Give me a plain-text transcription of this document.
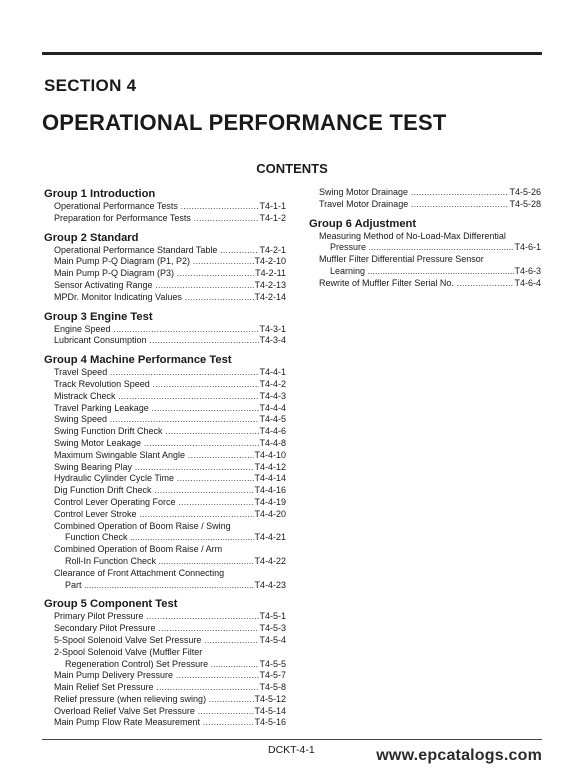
SECTION 4
OPERATIONAL PERFORMANCE TEST
CONTENTS
Group 1 Introduction
Operational Performance Tests .....	T4-1-1
Preparation for Performance Tests .....	T4-1-2
Group 2 Standard
Operational Performance Standard Table .....	T4-2-1
Main Pump P-Q Diagram (P1, P2) .....	T4-2-10
Main Pump P-Q Diagram (P3) .....	T4-2-11
Sensor Activating Range .....	T4-2-13
MPDr. Monitor Indicating Values .....	T4-2-14
Group 3 Engine Test
Engine Speed .....	T4-3-1
Lubricant Consumption .....	T4-3-4
Group 4 Machine Performance Test
Travel Speed .....	T4-4-1
Track Revolution Speed .....	T4-4-2
Mistrack Check .....	T4-4-3
Travel Parking Leakage .....	T4-4-4
Swing Speed .....	T4-4-5
Swing Function Drift Check .....	T4-4-6
Swing Motor Leakage .....	T4-4-8
Maximum Swingable Slant Angle .....	T4-4-10
Swing Bearing Play .....	T4-4-12
Hydraulic Cylinder Cycle Time .....	T4-4-14
Dig Function Drift Check .....	T4-4-16
Control Lever Operating Force .....	T4-4-19
Control Lever Stroke .....	T4-4-20
Combined Operation of Boom Raise / Swing
Function Check .....	T4-4-21
Combined Operation of Boom Raise / Arm
Roll-In Function Check .....	T4-4-22
Clearance of Front Attachment Connecting
Part .....	T4-4-23
Group 5 Component Test
Primary Pilot Pressure .....	T4-5-1
Secondary Pilot Pressure .....	T4-5-3
5-Spool Solenoid Valve Set Pressure .....	T4-5-4
2-Spool Solenoid Valve (Muffler Filter
Regeneration Control) Set Pressure .....	T4-5-5
Main Pump Delivery Pressure .....	T4-5-7
Main Relief Set Pressure .....	T4-5-8
Relief pressure (when relieving swing) .....	T4-5-12
Overload Relief Valve Set Pressure .....	T4-5-14
Main Pump Flow Rate Measurement .....	T4-5-16
Swing Motor Drainage .....	T4-5-26
Travel Motor Drainage .....	T4-5-28
Group 6 Adjustment
Measuring Method of No-Load-Max Differential
Pressure .....	T4-6-1
Muffler Filter Differential Pressure Sensor
Learning .....	T4-6-3
Rewrite of Muffler Filter Serial No. .....	T4-6-4
DCKT-4-1	www.epcatalogs.com
